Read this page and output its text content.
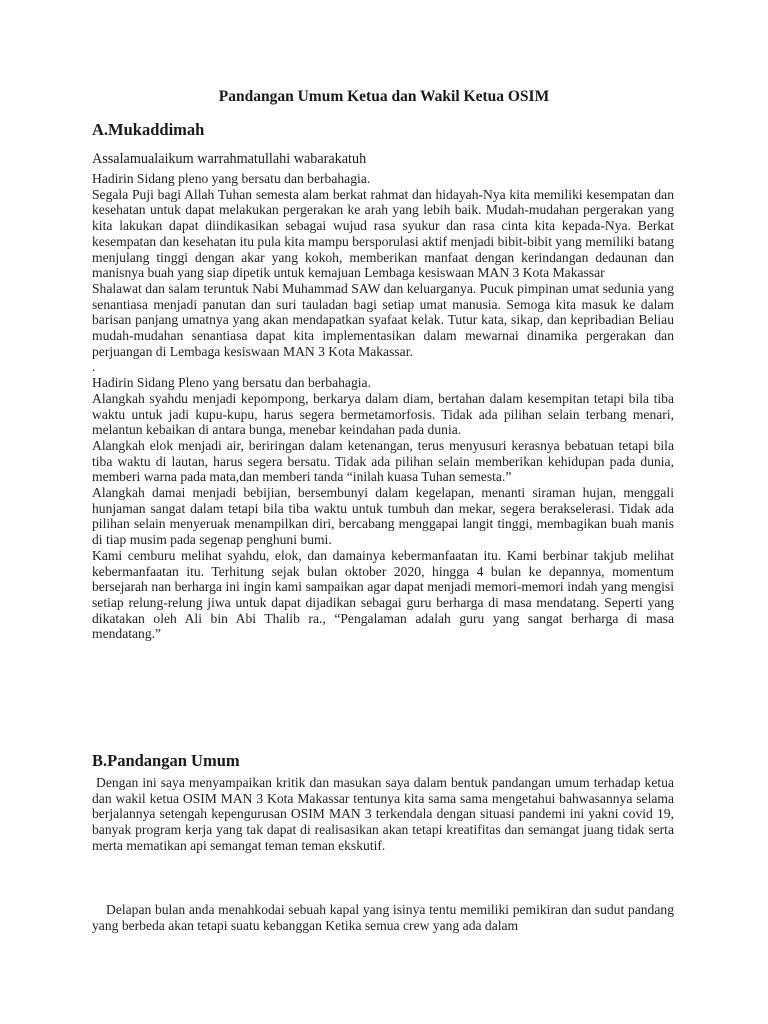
Pandangan Umum Ketua dan Wakil Ketua OSIM
A.Mukaddimah

Assalamualaikum warrahmatullahi wabarakatuh

Hadirin Sidang pleno yang bersatu dan berbahagia.

Segala Puji bagi Allah Tuhan semesta alam berkat rahmat dan hidayah-Nya kita memiliki kesempatan dan kesehatan untuk dapat melakukan pergerakan ke arah yang lebih baik. Mudah-mudahan pergerakan yang kita lakukan dapat diindikasikan sebagai wujud rasa syukur dan rasa cinta kita kepada-Nya. Berkat kesempatan dan kesehatan itu pula kita mampu bersporulasi aktif menjadi bibit-bibit yang memiliki batang menjulang tinggi dengan akar yang kokoh, memberikan manfaat dengan kerindangan dedaunan dan manisnya buah yang siap dipetik untuk kemajuan Lembaga kesiswaan MAN 3 Kota Makassar

Shalawat dan salam teruntuk Nabi Muhammad SAW dan keluarganya. Pucuk pimpinan umat sedunia yang senantiasa menjadi panutan dan suri tauladan bagi setiap umat manusia. Semoga kita masuk ke dalam barisan panjang umatnya yang akan mendapatkan syafaat kelak. Tutur kata, sikap, dan kepribadian Beliau mudah-mudahan senantiasa dapat kita implementasikan dalam mewarnai dinamika pergerakan dan perjuangan di Lembaga kesiswaan MAN 3 Kota Makassar.

.

Hadirin Sidang Pleno yang bersatu dan berbahagia.

Alangkah syahdu menjadi kepompong, berkarya dalam diam, bertahan dalam kesempitan tetapi bila tiba waktu untuk jadi kupu-kupu, harus segera bermetamorfosis. Tidak ada pilihan selain terbang menari, melantun kebaikan di antara bunga, menebar keindahan pada dunia.

Alangkah elok menjadi air, beriringan dalam ketenangan, terus menyusuri kerasnya bebatuan tetapi bila tiba waktu di lautan, harus segera bersatu. Tidak ada pilihan selain memberikan kehidupan pada dunia, memberi warna pada mata,dan memberi tanda “inilah kuasa Tuhan semesta.”

Alangkah damai menjadi bebijian, bersembunyi dalam kegelapan, menanti siraman hujan, menggali hunjaman sangat dalam tetapi bila tiba waktu untuk tumbuh dan mekar, segera berakselerasi. Tidak ada pilihan selain menyeruak menampilkan diri, bercabang menggapai langit tinggi, membagikan buah manis di tiap musim pada segenap penghuni bumi.

Kami cemburu melihat syahdu, elok, dan damainya kebermanfaatan itu. Kami berbinar takjub melihat kebermanfaatan itu. Terhitung sejak bulan oktober 2020, hingga 4 bulan ke depannya, momentum bersejarah nan berharga ini ingin kami sampaikan agar dapat menjadi memori-memori indah yang mengisi setiap relung-relung jiwa untuk dapat dijadikan sebagai guru berharga di masa mendatang. Seperti yang dikatakan oleh Ali bin Abi Thalib ra., “Pengalaman adalah guru yang sangat berharga di masa mendatang.”

B.Pandangan Umum

Dengan ini saya menyampaikan kritik dan masukan saya dalam bentuk pandangan umum terhadap ketua dan wakil ketua OSIM MAN 3 Kota Makassar tentunya kita sama sama mengetahui bahwasannya selama berjalannya setengah kepengurusan OSIM MAN 3 terkendala dengan situasi pandemi ini yakni covid 19, banyak program kerja yang tak dapat di realisasikan akan tetapi kreatifitas dan semangat juang tidak serta merta mematikan api semangat teman teman ekskutif.

Delapan bulan anda menahkodai sebuah kapal yang isinya tentu memiliki pemikiran dan sudut pandang yang berbeda akan tetapi suatu kebanggan Ketika semua crew yang ada dalam
